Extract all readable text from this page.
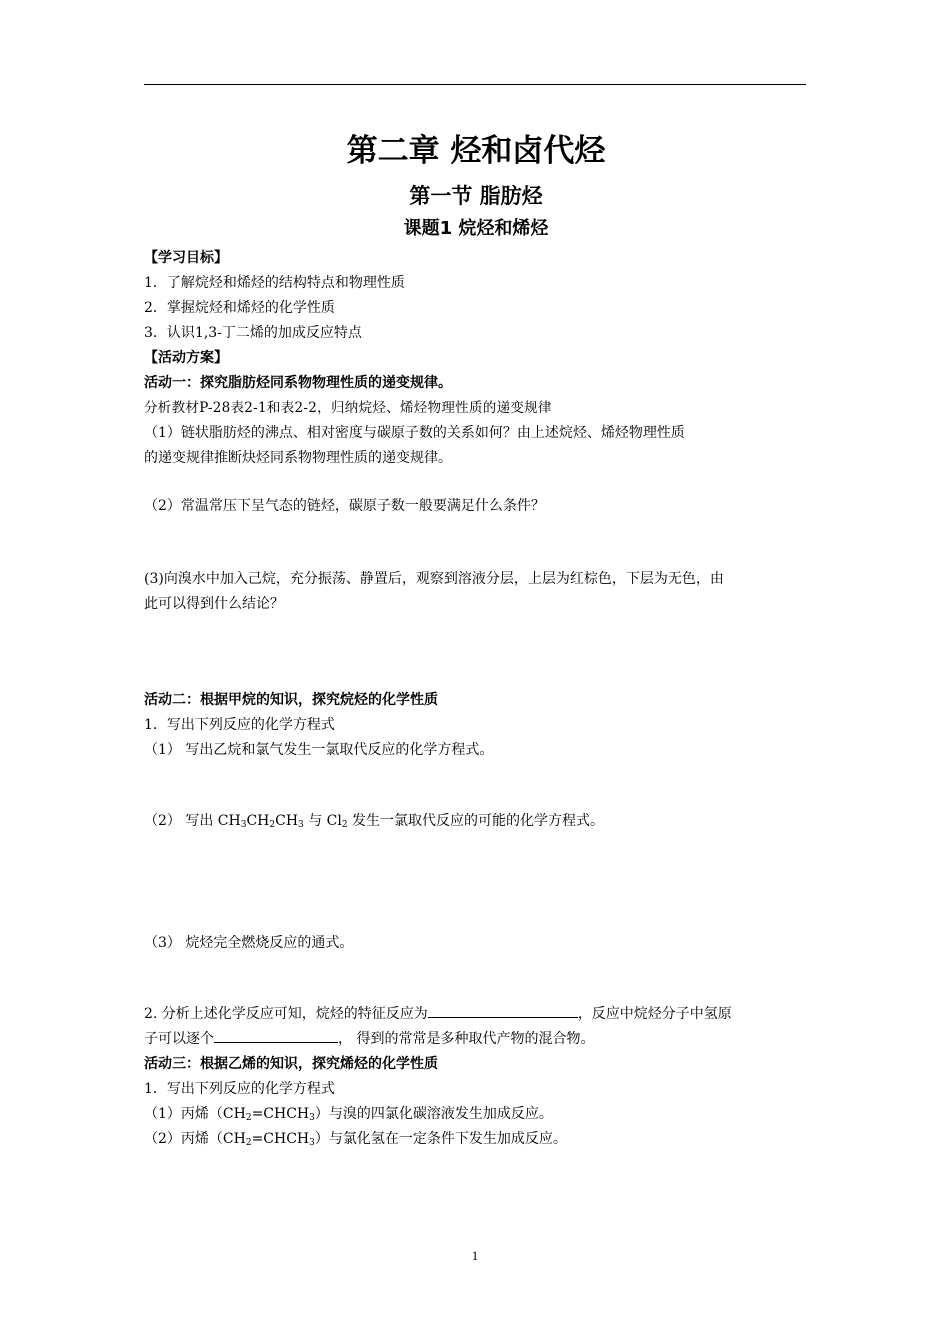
第二章 烃和卤代烃
第一节 脂肪烃
课题1 烷烃和烯烃

【学习目标】

1．了解烷烃和烯烃的结构特点和物理性质

2．掌握烷烃和烯烃的化学性质

3．认识1,3-丁二烯的加成反应特点

【活动方案】

活动一：探究脂肪烃同系物物理性质的递变规律。

分析教材P-28表2-1和表2-2，归纳烷烃、烯烃物理性质的递变规律

（1）链状脂肪烃的沸点、相对密度与碳原子数的关系如何？由上述烷烃、烯烃物理性质

的递变规律推断炔烃同系物物理性质的递变规律。

（2）常温常压下呈气态的链烃，碳原子数一般要满足什么条件？

(3)向溴水中加入己烷，充分振荡、静置后，观察到溶液分层，上层为红棕色，下层为无色，由

此可以得到什么结论？

活动二：根据甲烷的知识，探究烷烃的化学性质

1．写出下列反应的化学方程式

（1） 写出乙烷和氯气发生一氯取代反应的化学方程式。

（2） 写出 $CH_3CH_2CH_3$ 与 $Cl_2$ 发生一氯取代反应的可能的化学方程式。

（3） 烷烃完全燃烧反应的通式。

2. 分析上述化学反应可知，烷烃的特征反应为	，反应中烷烃分子中氢原

子可以逐个	， 得到的常常是多种取代产物的混合物。

活动三：根据乙烯的知识，探究烯烃的化学性质

1．写出下列反应的化学方程式

（1）丙烯$(CH_2=CHCH_3)$与溴的四氯化碳溶液发生加成反应。

（2）丙烯$(CH_2=CHCH_3)$与氯化氢在一定条件下发生加成反应。

1
